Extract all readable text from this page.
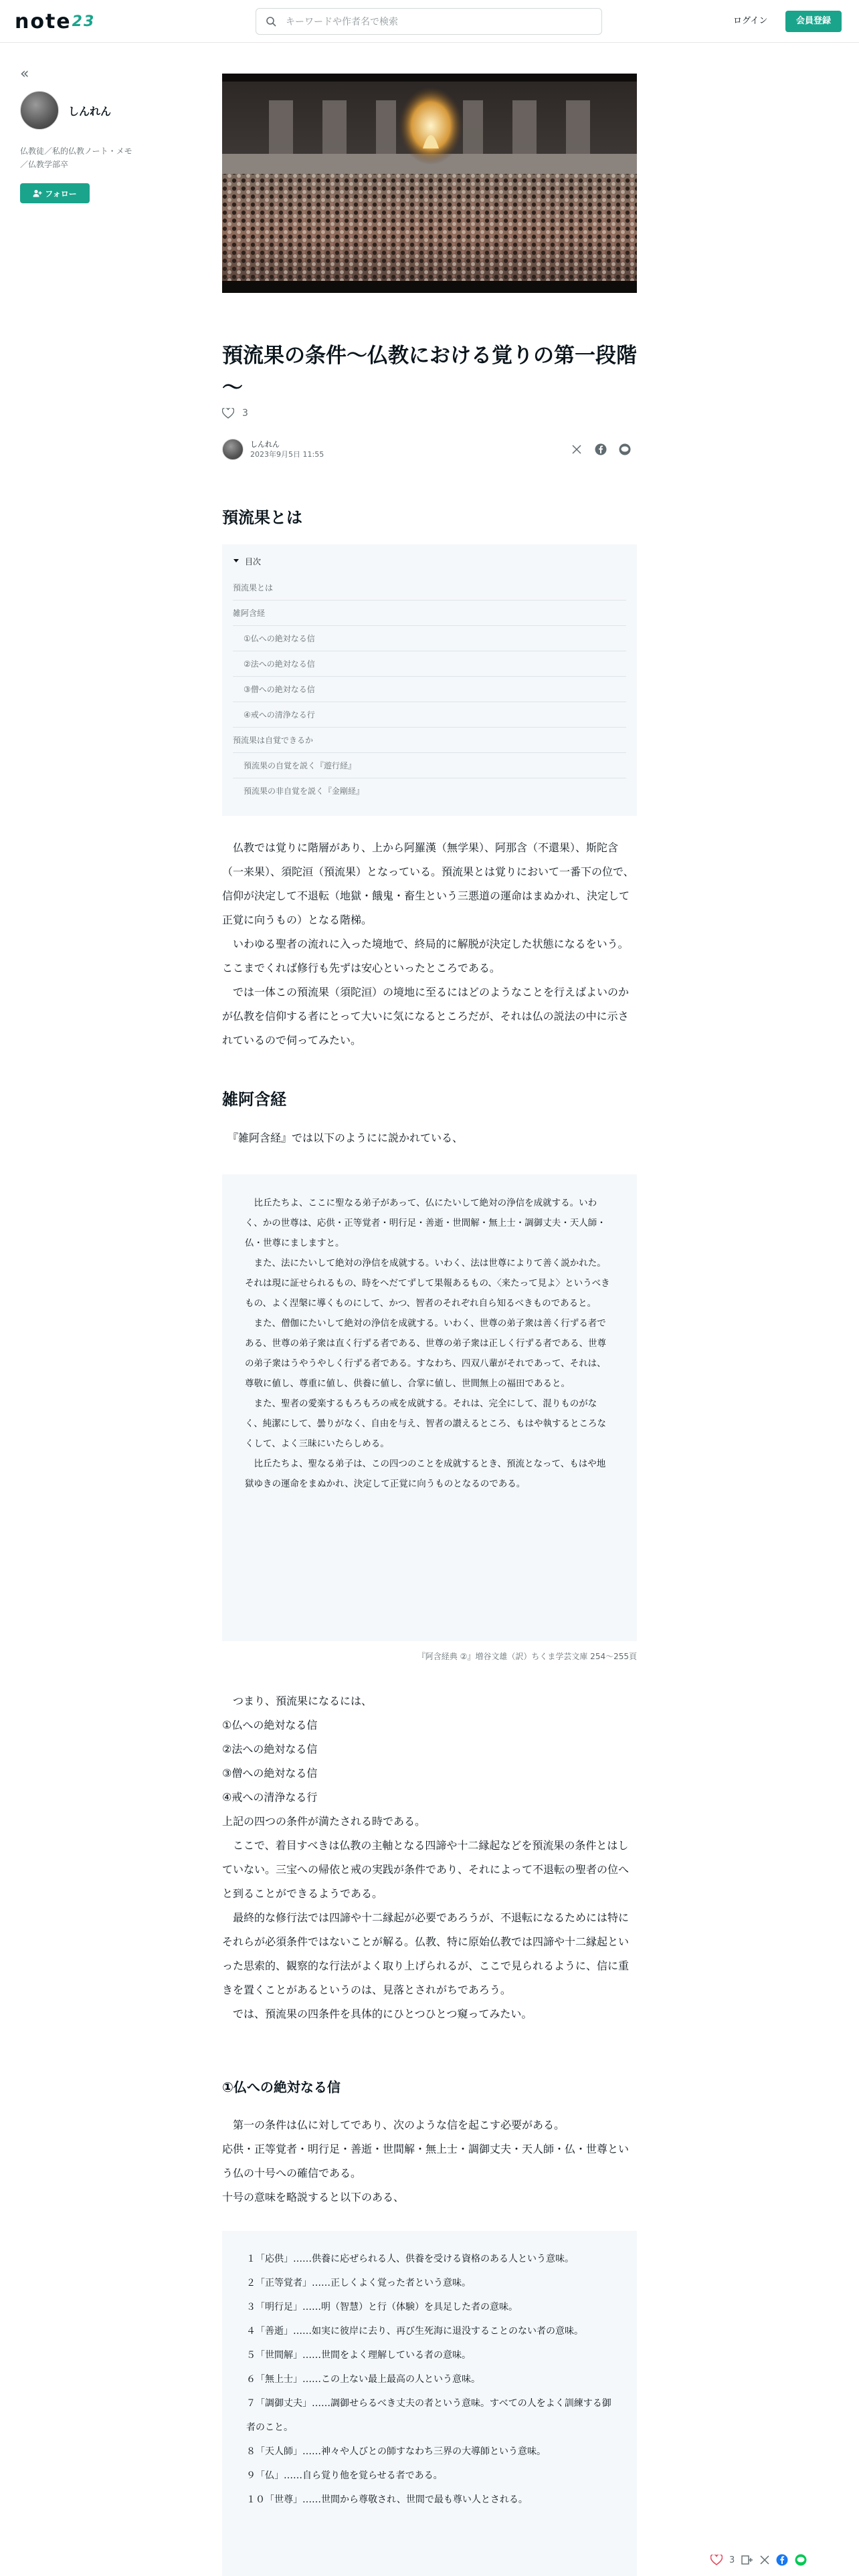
note 23	キーワードや作者名で検索	ログイン	会員登録
«
しんれん
仏教徒／私的仏教ノート・メモ／仏教学部卒
フォロー
預流果の条件～仏教における覚りの第一段階～
3
しんれん
2023年9月5日 11:55
預流果とは
目次
預流果とは
雑阿含経
①仏への絶対なる信
②法への絶対なる信
③僧への絶対なる信
④戒への清浄なる行
預流果は自覚できるか
預流果の自覚を説く『遊行経』
預流果の非自覚を説く『金剛経』
　仏教では覚りに階層があり、上から阿羅漢（無学果）、阿那含（不還果）、斯陀含（一来果）、須陀洹（預流果）となっている。預流果とは覚りにおいて一番下の位で、信仰が決定して不退転（地獄・餓鬼・畜生という三悪道の運命はまぬかれ、決定して正覚に向うもの）となる階梯。
　いわゆる聖者の流れに入った境地で、終局的に解脱が決定した状態になるをいう。ここまでくれば修行も先ずは安心といったところである。
　では一体この預流果（須陀洹）の境地に至るにはどのようなことを行えばよいのかが仏教を信仰する者にとって大いに気になるところだが、それは仏の説法の中に示されているので伺ってみたい。
雑阿含経
　『雑阿含経』では以下のようにに説かれている、
　比丘たちよ、ここに聖なる弟子があって、仏にたいして絶対の浄信を成就する。いわく、かの世尊は、応供・正等覚者・明行足・善逝・世間解・無上士・調御丈夫・天人師・仏・世尊にましますと。
　また、法にたいして絶対の浄信を成就する。いわく、法は世尊によりて善く説かれた。それは現に証せられるもの、時をへだてずして果報あるもの、〈来たって見よ〉というべきもの、よく涅槃に導くものにして、かつ、智者のそれぞれ自ら知るべきものであると。
　また、僧伽にたいして絶対の浄信を成就する。いわく、世尊の弟子衆は善く行ずる者である、世尊の弟子衆は直く行ずる者である、世尊の弟子衆は正しく行ずる者である、世尊の弟子衆はうやうやしく行ずる者である。すなわち、四双八輩がそれであって、それは、尊敬に値し、尊重に値し、供養に値し、合掌に値し、世間無上の福田であると。
　また、聖者の愛楽するもろもろの戒を成就する。それは、完全にして、混りものがなく、純潔にして、曇りがなく、自由を与え、智者の讃えるところ、もはや執するところなくして、よく三昧にいたらしめる。
　比丘たちよ、聖なる弟子は、この四つのことを成就するとき、預流となって、もはや地獄ゆきの運命をまぬかれ、決定して正覚に向うものとなるのである。
『阿含経典 ②』増谷文雄（訳）ちくま学芸文庫 254～255頁
　つまり、預流果になるには、
①仏への絶対なる信
②法への絶対なる信
③僧への絶対なる信
④戒への清浄なる行
上記の四つの条件が満たされる時である。
　ここで、着目すべきは仏教の主軸となる四諦や十二縁起などを預流果の条件とはしていない。三宝への帰依と戒の実践が条件であり、それによって不退転の聖者の位へと到ることができるようである。
　最終的な修行法では四諦や十二縁起が必要であろうが、不退転になるためには特にそれらが必須条件ではないことが解る。仏教、特に原始仏教では四諦や十二縁起といった思索的、観察的な行法がよく取り上げられるが、ここで見られるように、信に重きを置くことがあるというのは、見落とされがちであろう。
　では、預流果の四条件を具体的にひとつひとつ窺ってみたい。
①仏への絶対なる信
　第一の条件は仏に対してであり、次のような信を起こす必要がある。
応供・正等覚者・明行足・善逝・世間解・無上士・調御丈夫・天人師・仏・世尊という仏の十号への確信である。
十号の意味を略説すると以下のある、
１「応供」……供養に応ぜられる人、供養を受ける資格のある人という意味。
２「正等覚者」……正しくよく覚った者という意味。
３「明行足」……明（智慧）と行（体験）を具足した者の意味。
４「善逝」……如実に彼岸に去り、再び生死海に退没することのない者の意味。
５「世間解」……世間をよく理解している者の意味。
６「無上士」……この上ない最上最高の人という意味。
７「調御丈夫」……調御せらるべき丈夫の者という意味。すべての人をよく訓練する御者のこと。
８「天人師」……神々や人びとの師すなわち三界の大導師という意味。
９「仏」……自ら覚り他を覚らせる者である。
１０「世尊」……世間から尊敬され、世間で最も尊い人とされる。
3
